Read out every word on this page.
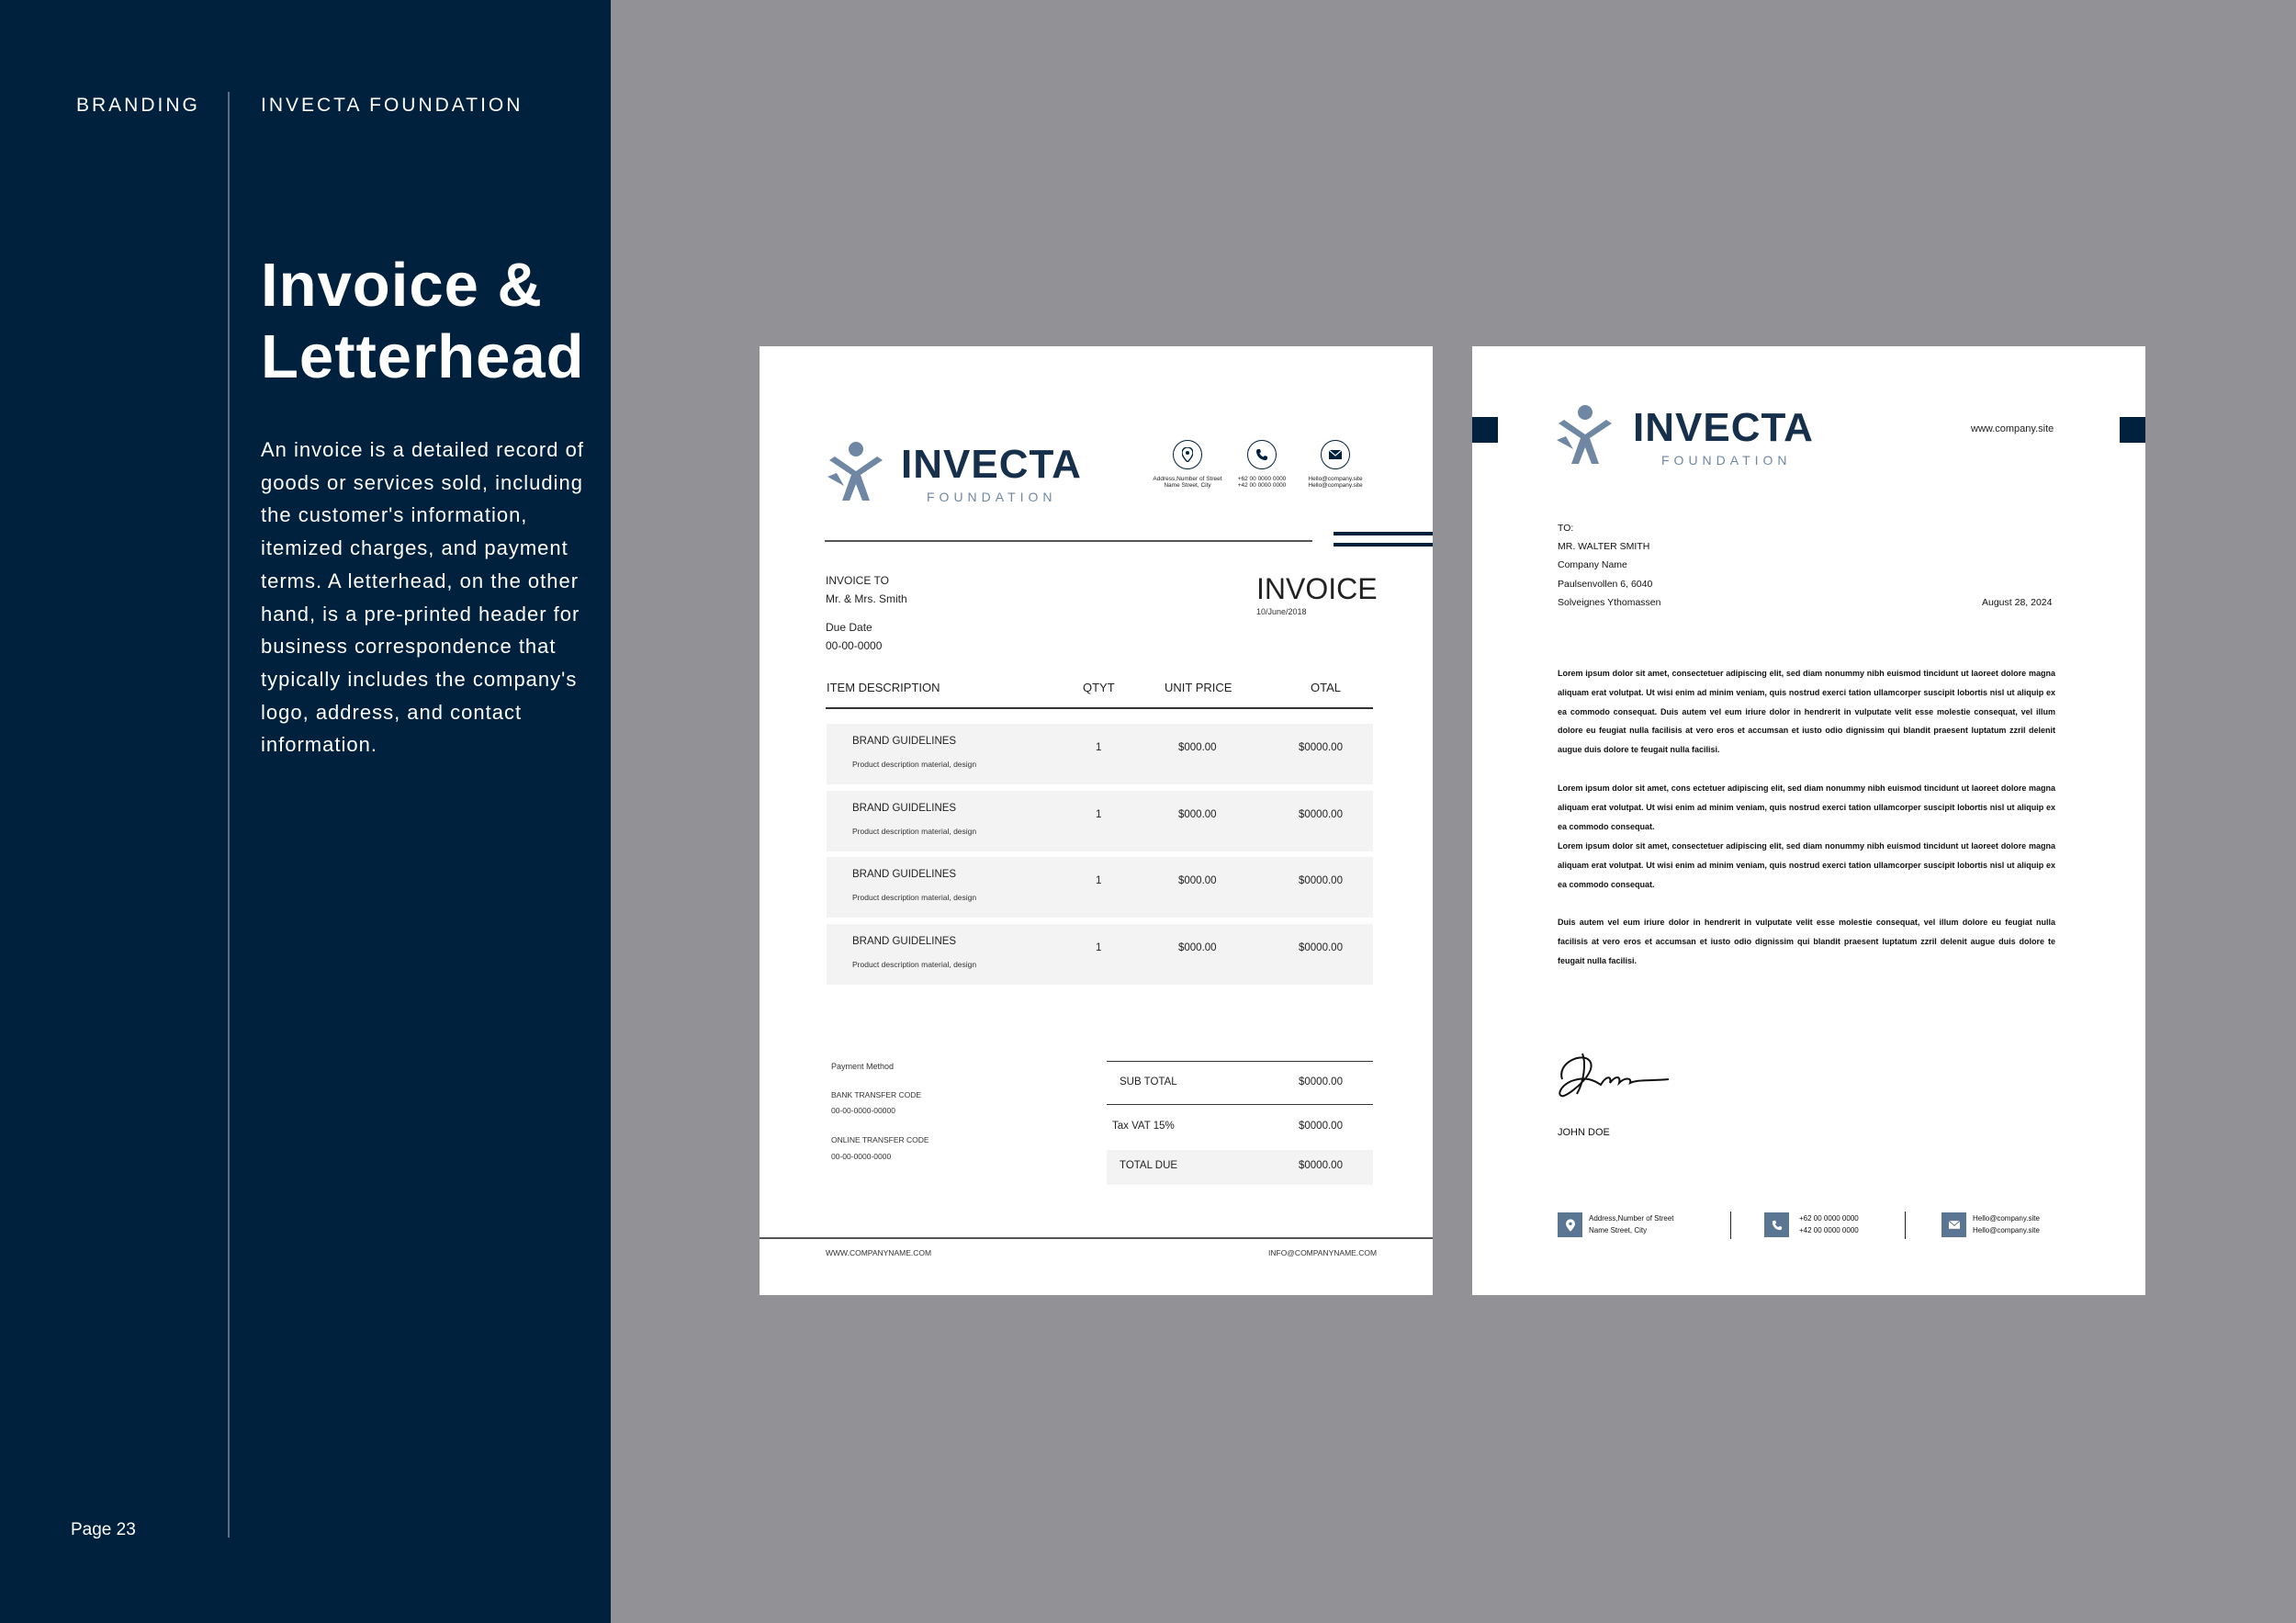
BRANDING	INVECTA FOUNDATION
Invoice &
Letterhead
An invoice is a detailed record of goods or services sold, including the customer's information, itemized charges, and payment terms. A letterhead, on the other hand, is a pre-printed header for business correspondence that typically includes the company's logo, address, and contact information.
Page 23
INVECTA
FOUNDATION
Address,Number of Street
Name Street, City
+62 00 0000 0000
+42 00 0000 0000
Hello@company.site
Hello@company.site
INVOICE TO
Mr. & Mrs. Smith
Due Date
00-00-0000
INVOICE
10/June/2018
ITEM DESCRIPTION	QTYT	UNIT PRICE	OTAL
BRAND GUIDELINES
Product description material, design
1	$000.00	$0000.00
BRAND GUIDELINES
Product description material, design
1	$000.00	$0000.00
BRAND GUIDELINES
Product description material, design
1	$000.00	$0000.00
BRAND GUIDELINES
Product description material, design
1	$000.00	$0000.00
Payment Method
BANK TRANSFER CODE
00-00-0000-00000
ONLINE TRANSFER CODE
00-00-0000-0000
SUB TOTAL	$0000.00
Tax VAT 15%	$0000.00
TOTAL DUE	$0000.00
WWW.COMPANYNAME.COM	INFO@COMPANYNAME.COM
INVECTA
FOUNDATION
www.company.site
TO:
MR. WALTER SMITH
Company Name
Paulsenvollen 6, 6040
Solveignes Ythomassen	August 28, 2024
Lorem ipsum dolor sit amet, consectetuer adipiscing elit, sed diam nonummy nibh euismod tincidunt ut laoreet dolore magna aliquam erat volutpat. Ut wisi enim ad minim veniam, quis nostrud exerci tation ullamcorper suscipit lobortis nisl ut aliquip ex ea commodo consequat. Duis autem vel eum iriure dolor in hendrerit in vulputate velit esse molestie consequat, vel illum dolore eu feugiat nulla facilisis at vero eros et accumsan et iusto odio dignissim qui blandit praesent luptatum zzril delenit augue duis dolore te feugait nulla facilisi.
Lorem ipsum dolor sit amet, cons ectetuer adipiscing elit, sed diam nonummy nibh euismod tincidunt ut laoreet dolore magna aliquam erat volutpat. Ut wisi enim ad minim veniam, quis nostrud exerci tation ullamcorper suscipit lobortis nisl ut aliquip ex ea commodo consequat.
Lorem ipsum dolor sit amet, consectetuer adipiscing elit, sed diam nonummy nibh euismod tincidunt ut laoreet dolore magna aliquam erat volutpat. Ut wisi enim ad minim veniam, quis nostrud exerci tation ullamcorper suscipit lobortis nisl ut aliquip ex ea commodo consequat.
Duis autem vel eum iriure dolor in hendrerit in vulputate velit esse molestie consequat, vel illum dolore eu feugiat nulla facilisis at vero eros et accumsan et iusto odio dignissim qui blandit praesent luptatum zzril delenit augue duis dolore te feugait nulla facilisi.
JOHN DOE
Address,Number of Street
Name Street, City
+62 00 0000 0000
+42 00 0000 0000
Hello@company.site
Hello@company.site
